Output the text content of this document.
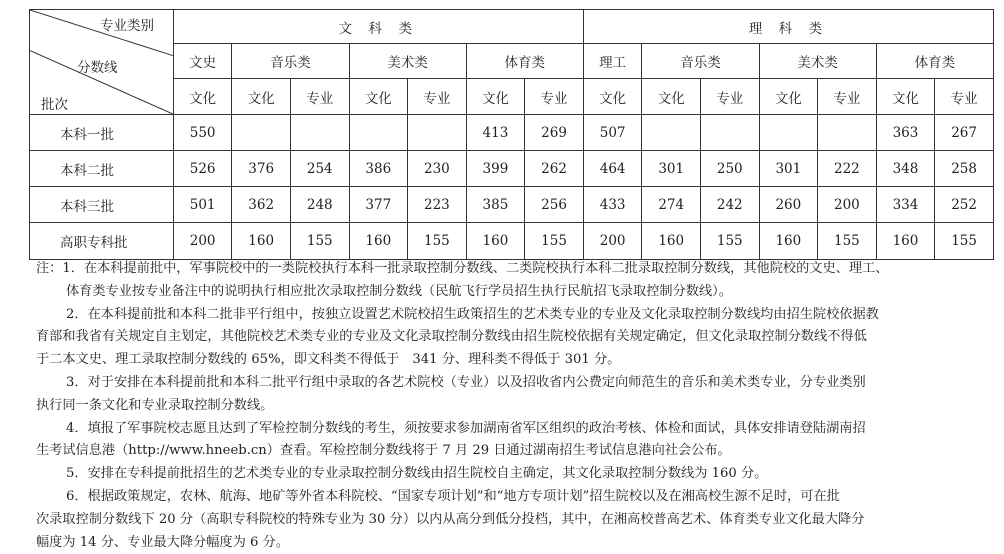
专业类别
分数线
批次	文 科 类							理 科 类						
	文史	音乐类		美术类		体育类		理工	音乐类		美术类		体育类	
	文化	文化	专业	文化	专业	文化	专业	文化	文化	专业	文化	专业	文化	专业
本科一批	550					413	269	507					363	267
本科二批	526	376	254	386	230	399	262	464	301	250	301	222	348	258
本科三批	501	362	248	377	223	385	256	433	274	242	260	200	334	252
高职专科批	200	160	155	160	155	160	155	200	160	155	160	155	160	155

注：1．在本科提前批中，军事院校中的一类院校执行本科一批录取控制分数线、二类院校执行本科二批录取控制分数线，其他院校的文史、理工、

体育类专业按专业备注中的说明执行相应批次录取控制分数线（民航飞行学员招生执行民航招飞录取控制分数线）。

2．在本科提前批和本科二批非平行组中，按独立设置艺术院校招生政策招生的艺术类专业的专业及文化录取控制分数线均由招生院校依据教

育部和我省有关规定自主划定，其他院校艺术类专业的专业及文化录取控制分数线由招生院校依据有关规定确定，但文化录取控制分数线不得低

于二本文史、理工录取控制分数线的 65%，即文科类不得低于　341 分、理科类不得低于 301 分。

3．对于安排在本科提前批和本科二批平行组中录取的各艺术院校（专业）以及招收省内公费定向师范生的音乐和美术类专业，分专业类别

执行同一条文化和专业录取控制分数线。

4．填报了军事院校志愿且达到了军检控制分数线的考生，须按要求参加湖南省军区组织的政治考核、体检和面试，具体安排请登陆湖南招

生考试信息港（http://www.hneeb.cn）查看。军检控制分数线将于 7 月 29 日通过湖南招生考试信息港向社会公布。

5．安排在专科提前批招生的艺术类专业的专业录取控制分数线由招生院校自主确定，其文化录取控制分数线为 160 分。

6．根据政策规定，农林、航海、地矿等外省本科院校、“国家专项计划”和“地方专项计划”招生院校以及在湘高校生源不足时，可在批

次录取控制分数线下 20 分（高职专科院校的特殊专业为 30 分）以内从高分到低分投档，其中，在湘高校普高艺术、体育类专业文化最大降分

幅度为 14 分、专业最大降分幅度为 6 分。
